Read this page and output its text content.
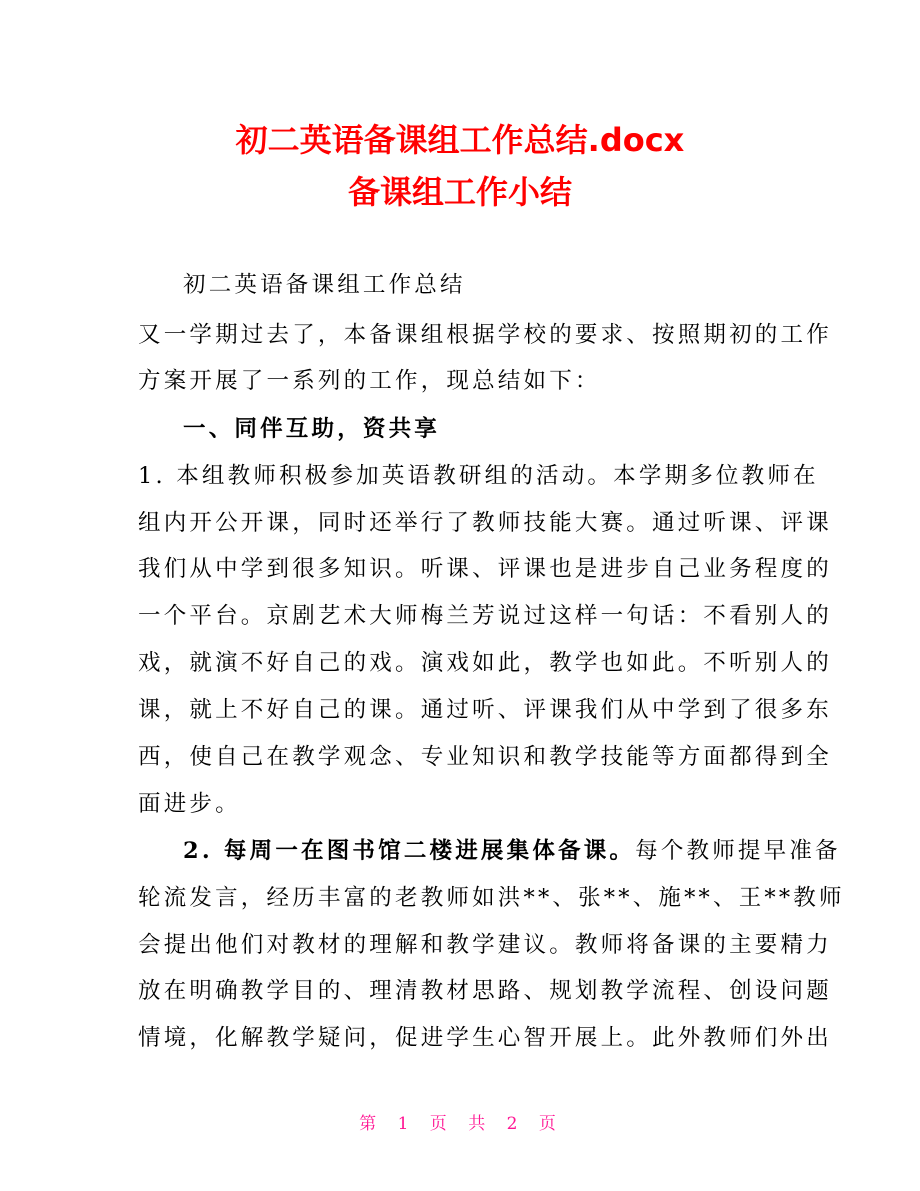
初二英语备课组工作总结.docx
备课组工作小结
初二英语备课组工作总结
又一学期过去了，本备课组根据学校的要求、按照期初的工作
方案开展了一系列的工作，现总结如下：
一、同伴互助，资共享
1. 本组教师积极参加英语教研组的活动。本学期多位教师在
组内开公开课，同时还举行了教师技能大赛。通过听课、评课
我们从中学到很多知识。听课、评课也是进步自己业务程度的
一个平台。京剧艺术大师梅兰芳说过这样一句话：不看别人的
戏，就演不好自己的戏。演戏如此，教学也如此。不听别人的
课，就上不好自己的课。通过听、评课我们从中学到了很多东
西，使自己在教学观念、专业知识和教学技能等方面都得到全
面进步。
2. 每周一在图书馆二楼进展集体备课。每个教师提早准备
轮流发言，经历丰富的老教师如洪**、张**、施**、王**教师
会提出他们对教材的理解和教学建议。教师将备课的主要精力
放在明确教学目的、理清教材思路、规划教学流程、创设问题
情境，化解教学疑问，促进学生心智开展上。此外教师们外出
第 1 页 共 2 页
